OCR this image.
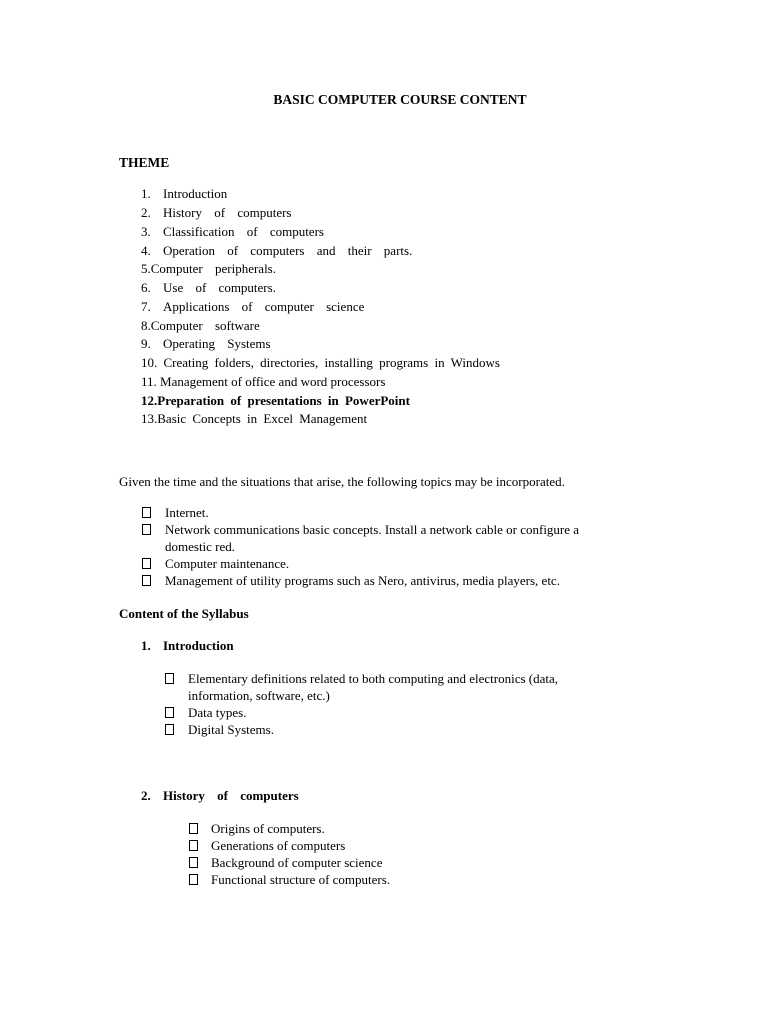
BASIC COMPUTER COURSE CONTENT
THEME
1. Introduction
2. History of computers
3. Classification of computers
4. Operation of computers and their parts.
5.Computer peripherals.
6. Use of computers.
7. Applications of computer science
8.Computer software
9. Operating Systems
10. Creating folders, directories, installing programs in Windows
11. Management of office and word processors
12.Preparation of presentations in PowerPoint
13.Basic Concepts in Excel Management
Given the time and the situations that arise, the following topics may be incorporated.
Internet.
Network communications basic concepts. Install a network cable or configure a
domestic red.
Computer maintenance.
Management of utility programs such as Nero, antivirus, media players, etc.
Content of the Syllabus
1. Introduction
Elementary definitions related to both computing and electronics (data,
information, software, etc.)
Data types.
Digital Systems.
2. History of computers
Origins of computers.
Generations of computers
Background of computer science
Functional structure of computers.
